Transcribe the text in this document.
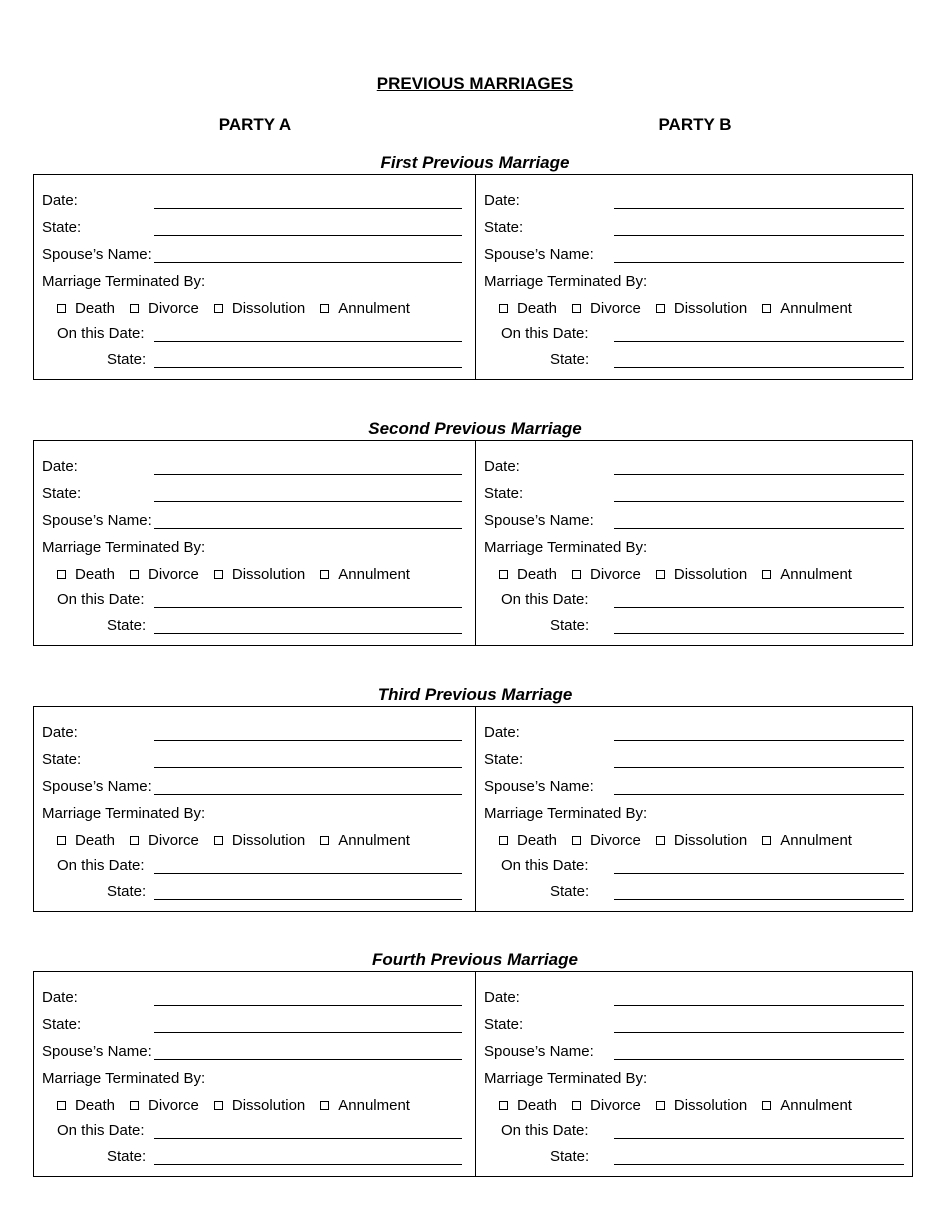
PREVIOUS MARRIAGES
PARTY A	PARTY B
First Previous Marriage
Date:
State:
Spouse’s Name:
Marriage Terminated By:
Death Divorce Dissolution Annulment
On this Date:
State:
Date:
State:
Spouse’s Name:
Marriage Terminated By:
Death Divorce Dissolution Annulment
On this Date:
State:
Second Previous Marriage
Date:
State:
Spouse’s Name:
Marriage Terminated By:
Death Divorce Dissolution Annulment
On this Date:
State:
Date:
State:
Spouse’s Name:
Marriage Terminated By:
Death Divorce Dissolution Annulment
On this Date:
State:
Third Previous Marriage
Date:
State:
Spouse’s Name:
Marriage Terminated By:
Death Divorce Dissolution Annulment
On this Date:
State:
Date:
State:
Spouse’s Name:
Marriage Terminated By:
Death Divorce Dissolution Annulment
On this Date:
State:
Fourth Previous Marriage
Date:
State:
Spouse’s Name:
Marriage Terminated By:
Death Divorce Dissolution Annulment
On this Date:
State:
Date:
State:
Spouse’s Name:
Marriage Terminated By:
Death Divorce Dissolution Annulment
On this Date:
State:
